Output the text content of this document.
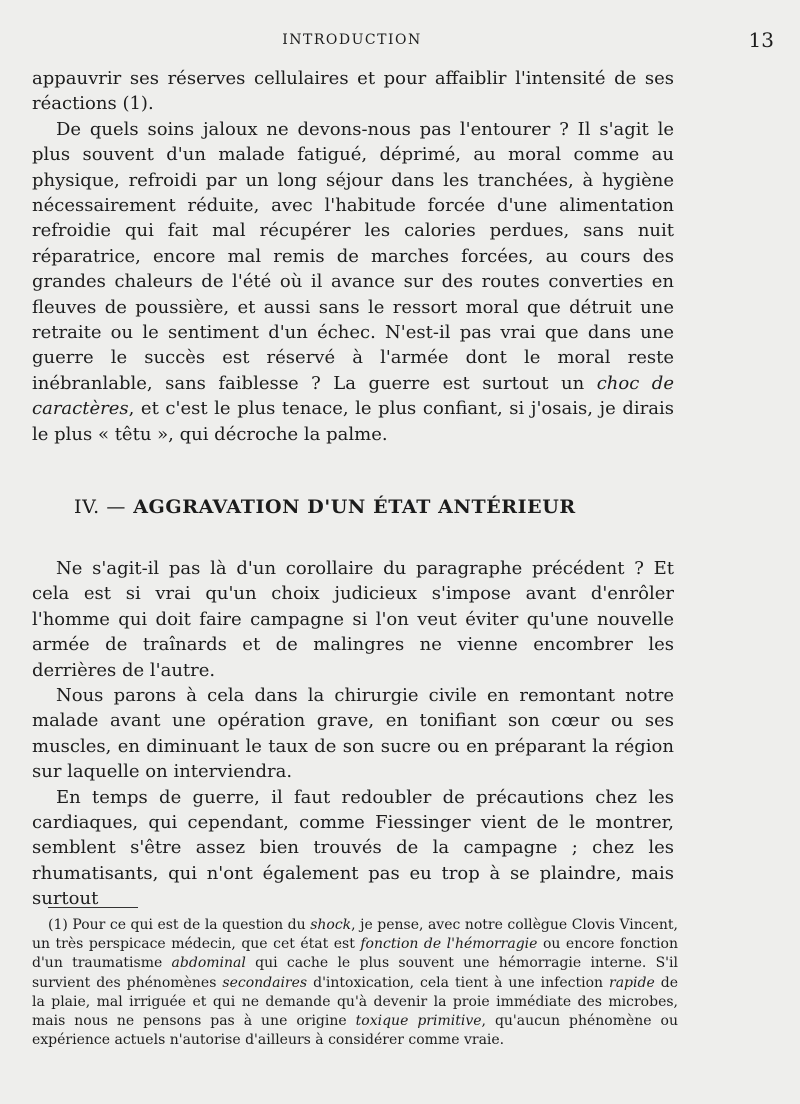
INTRODUCTION	13

appauvrir ses réserves cellulaires et pour affaiblir l'intensité de ses réactions (1).

De quels soins jaloux ne devons-nous pas l'entourer ? Il s'agit le plus souvent d'un malade fatigué, déprimé, au moral comme au physique, refroidi par un long séjour dans les tranchées, à hygiène nécessairement réduite, avec l'habitude forcée d'une alimentation refroidie qui fait mal récupérer les calories perdues, sans nuit réparatrice, encore mal remis de marches forcées, au cours des grandes chaleurs de l'été où il avance sur des routes converties en fleuves de poussière, et aussi sans le ressort moral que détruit une retraite ou le sentiment d'un échec. N'est-il pas vrai que dans une guerre le succès est réservé à l'armée dont le moral reste inébranlable, sans faiblesse ? La guerre est surtout un choc de caractères, et c'est le plus tenace, le plus confiant, si j'osais, je dirais le plus « têtu », qui décroche la palme.

IV. — AGGRAVATION D'UN ÉTAT ANTÉRIEUR

Ne s'agit-il pas là d'un corollaire du paragraphe précédent ? Et cela est si vrai qu'un choix judicieux s'impose avant d'enrôler l'homme qui doit faire campagne si l'on veut éviter qu'une nouvelle armée de traînards et de malingres ne vienne encombrer les derrières de l'autre.

Nous parons à cela dans la chirurgie civile en remontant notre malade avant une opération grave, en tonifiant son cœur ou ses muscles, en diminuant le taux de son sucre ou en préparant la région sur laquelle on interviendra.

En temps de guerre, il faut redoubler de précautions chez les cardiaques, qui cependant, comme Fiessinger vient de le montrer, semblent s'être assez bien trouvés de la campagne ; chez les rhumatisants, qui n'ont également pas eu trop à se plaindre, mais surtout

(1) Pour ce qui est de la question du shock, je pense, avec notre collègue Clovis Vincent, un très perspicace médecin, que cet état est fonction de l'hémorragie ou encore fonction d'un traumatisme abdominal qui cache le plus souvent une hémorragie interne. S'il survient des phénomènes secondaires d'intoxication, cela tient à une infection rapide de la plaie, mal irriguée et qui ne demande qu'à devenir la proie immédiate des microbes, mais nous ne pensons pas à une origine toxique primitive, qu'aucun phénomène ou expérience actuels n'autorise d'ailleurs à considérer comme vraie.
